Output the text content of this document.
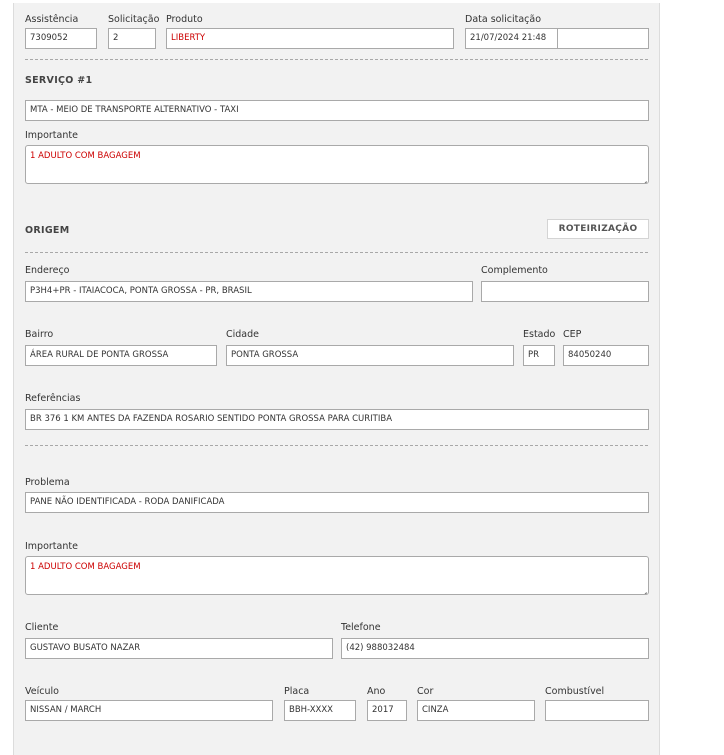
Assistência
7309052
Solicitação
2
Produto
LIBERTY
Data solicitação
21/07/2024 21:48
SERVIÇO #1
MTA - MEIO DE TRANSPORTE ALTERNATIVO - TAXI
Importante
1 ADULTO COM BAGAGEM
ORIGEM	ROTEIRIZAÇÃO
Endereço
P3H4+PR - ITAIACOCA, PONTA GROSSA - PR, BRASIL
Complemento
Bairro
ÁREA RURAL DE PONTA GROSSA
Cidade
PONTA GROSSA
Estado
PR
CEP
84050240
Referências
BR 376 1 KM ANTES DA FAZENDA ROSARIO SENTIDO PONTA GROSSA PARA CURITIBA
Problema
PANE NÃO IDENTIFICADA - RODA DANIFICADA
Importante
1 ADULTO COM BAGAGEM
Cliente
GUSTAVO BUSATO NAZAR
Telefone
(42) 988032484
Veículo
NISSAN / MARCH
Placa
BBH-XXXX
Ano
2017
Cor
CINZA
Combustível
